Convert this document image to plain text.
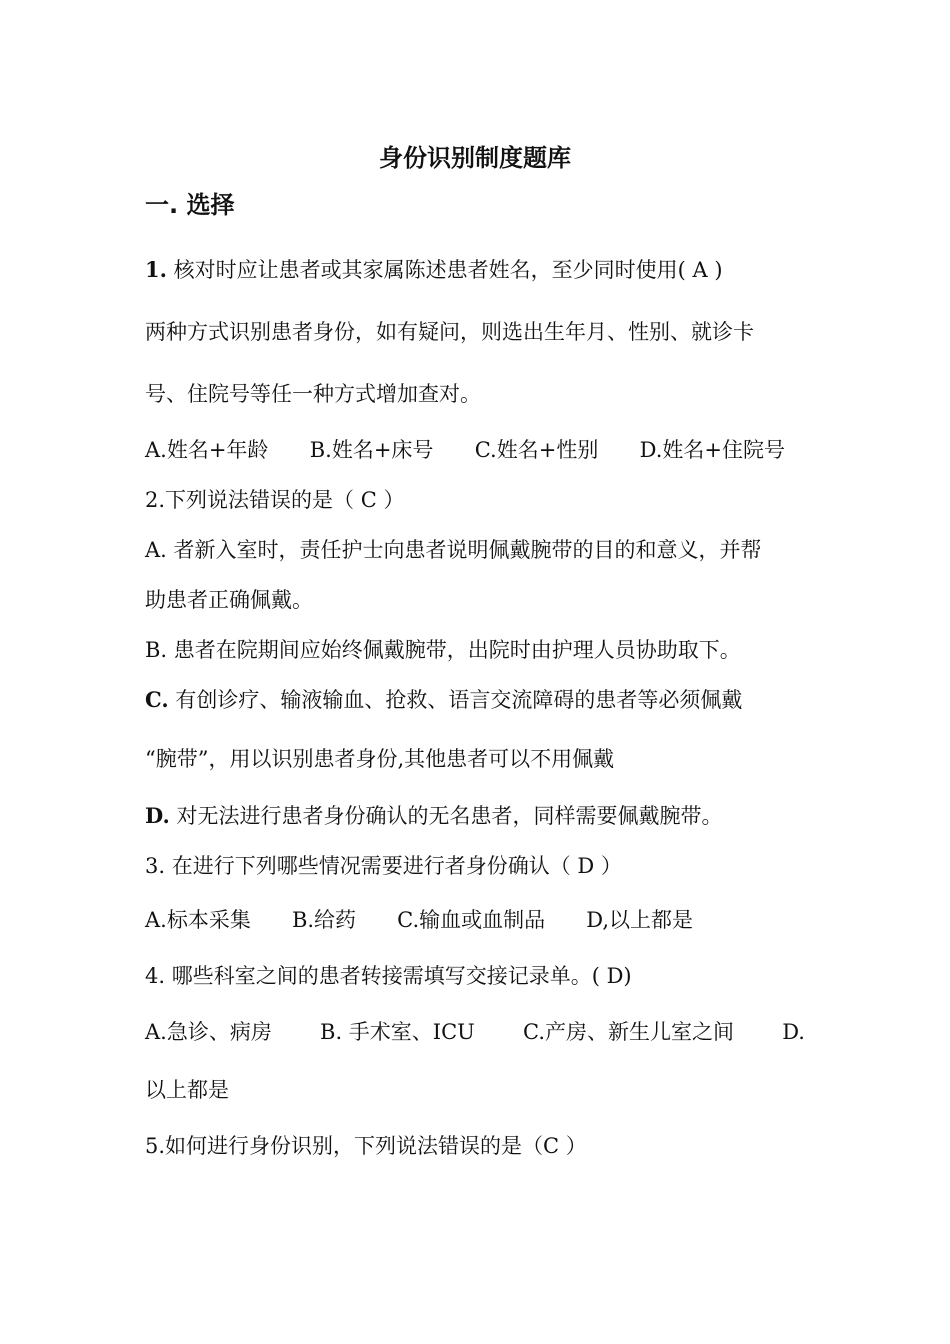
身份识别制度题库
一. 选择
1. 核对时应让患者或其家属陈述患者姓名，至少同时使用( A )
两种方式识别患者身份，如有疑问，则选出生年月、性别、就诊卡
号、住院号等任一种方式增加查对。
A.姓名+年龄 B.姓名+床号 C.姓名+性别 D.姓名+住院号
2.下列说法错误的是（ C ）
A. 者新入室时，责任护士向患者说明佩戴腕带的目的和意义，并帮
助患者正确佩戴。
B. 患者在院期间应始终佩戴腕带，出院时由护理人员协助取下。
C. 有创诊疗、输液输血、抢救、语言交流障碍的患者等必须佩戴
“腕带”，用以识别患者身份,其他患者可以不用佩戴
D. 对无法进行患者身份确认的无名患者，同样需要佩戴腕带。
3. 在进行下列哪些情况需要进行者身份确认（ D ）
A.标本采集 B.给药 C.输血或血制品 D,以上都是
4. 哪些科室之间的患者转接需填写交接记录单。( D)
A.急诊、病房 B. 手术室、ICU C.产房、新生儿室之间 D.
以上都是
5.如何进行身份识别，下列说法错误的是（C ）
